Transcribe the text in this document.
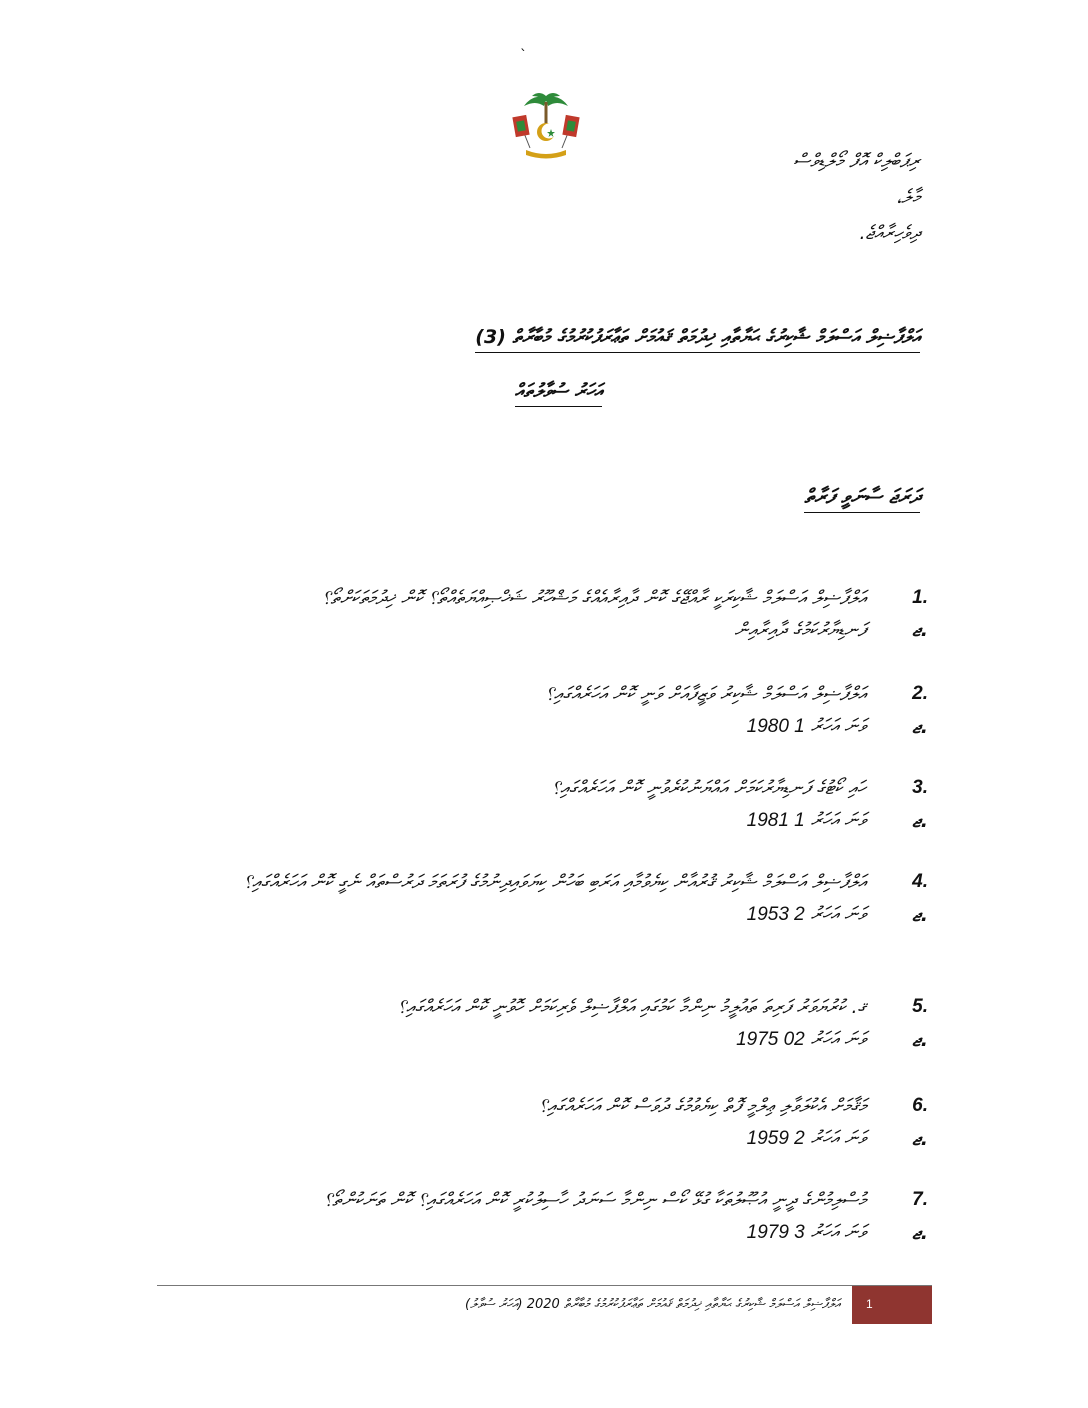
`
ރިޕަބްލިކް އޮފް މޯލްޑިވްސް
މާލެ،
ދިވެހިރާއްޖެ.
އަލްފާޟިލް އަސްލަމް ޝާކިރުގެ ޙަޔާތާއި ޚިދުމަތް ޤައުމަށް ތަޢާރަފުކުރުމުގެ މުބާރާތް (3)
އަހަރު ސުވާލުތައް
ދަރަޖަ ސާނަވީ ފަރާތް
އަލްފާޟިލް އަސްލަމް ޝާކިރަކީ ރާއްޖޭގެ ކޮން ދާއިރާއެއްގެ މަޝްހޫރު ޝަޚްޞިއްޔަތެއްތޯ؟ ކޮން ޚިދުމަތަކަށްތޯ؟	1.
ފަނޑިޔާރުކަމުގެ ދާއިރާއިން	ޖ.
އަލްފާޟިލް އަސްލަމް ޝާކިރު ވަޒީފާއަށް ވަނީ ކޮން އަހަރެއްގައި؟	2.
1980 1 ވަނަ އަހަރު	ޖ.
ހައި ކޯޓުގެ ފަނޑިޔާރުކަމަށް އައްޔަނުކުރެވުނީ ކޮން އަހަރެއްގައި؟	3.
1981 1 ވަނަ އަހަރު	ޖ.
އަލްފާޟިލް އަސްލަމް ޝާކިރު ޤުރުއާން ކިޔެވުމާއި އަރަބި ބަހުން ކިޔަވައިދިނުމުގެ ފުރަތަމަ ދަރުސްތައް ނެގީ ކޮން އަހަރެއްގައި؟	4.
1953 2 ވަނަ އަހަރު	ޖ.
ޤ. ކުރުޔަވަރު ފަރިތަ ތައުލީމު ނިންމާ ކަމުގައި އަލްފާޟިލް ވެރިކަމަށް ހޮވުނީ ކޮން އަހަރެއްގައި؟	5.
1975 02 ވަނަ އަހަރު	ޖ.
މަޤާމަށް އެކުލަވާލި ޢިލްމީ ފޮތް ކިޔެވުމުގެ ދުވަސް ކޮން އަހަރެއްގައި؟	6.
1959 2 ވަނަ އަހަރު	ޖ.
މުސްލިމުންގެ ދީނީ އުޞޫލުތަކާ ގުޅޭ ކޯސް ނިންމާ ސަނަދު ހާސިލުކުރީ ކޮން އަހަރެއްގައި؟ ކޮން ތަނަކުންތޯ؟	7.
1979 3 ވަނަ އަހަރު	ޖ.
އަލްފާޟިލް އަސްލަމް ޝާކިރުގެ ޙަޔާތާއި ޚިދުމަތް ޤައުމަށް ތަޢާރަފުކުރުމުގެ މުބާރާތް 2020 (އަހަރު ސުވާލު) 1
